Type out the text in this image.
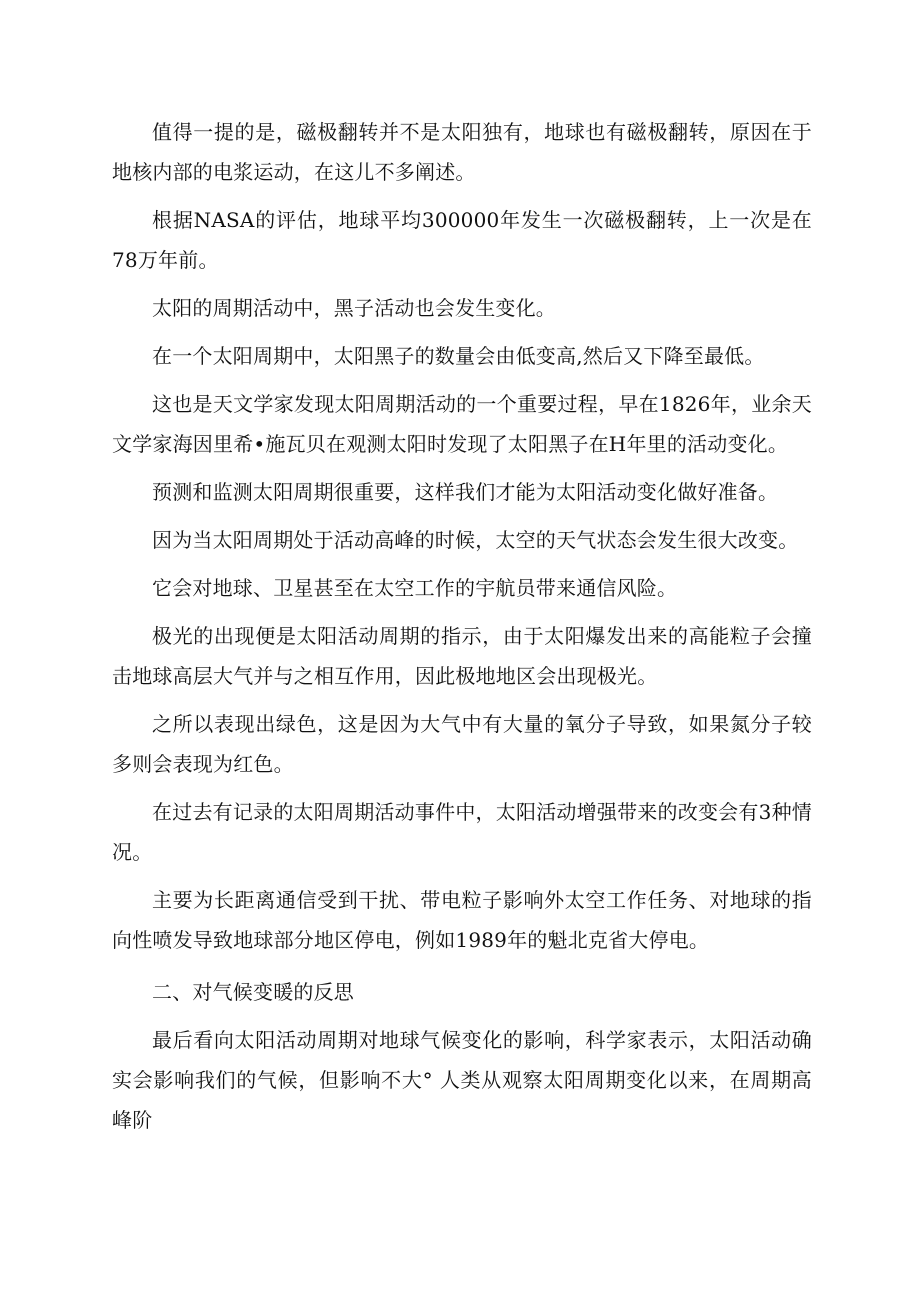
值得一提的是，磁极翻转并不是太阳独有，地球也有磁极翻转，原因在于地核内部的电浆运动，在这儿不多阐述。

根据NASA的评估，地球平均300000年发生一次磁极翻转，上一次是在78万年前。

太阳的周期活动中，黑子活动也会发生变化。

在一个太阳周期中，太阳黑子的数量会由低变高,然后又下降至最低。

这也是天文学家发现太阳周期活动的一个重要过程，早在1826年，业余天文学家海因里希•施瓦贝在观测太阳时发现了太阳黑子在H年里的活动变化。

预测和监测太阳周期很重要，这样我们才能为太阳活动变化做好准备。

因为当太阳周期处于活动高峰的时候，太空的天气状态会发生很大改变。

它会对地球、卫星甚至在太空工作的宇航员带来通信风险。

极光的出现便是太阳活动周期的指示，由于太阳爆发出来的高能粒子会撞击地球高层大气并与之相互作用，因此极地地区会出现极光。

之所以表现出绿色，这是因为大气中有大量的氧分子导致，如果氮分子较多则会表现为红色。

在过去有记录的太阳周期活动事件中，太阳活动增强带来的改变会有3种情况。

主要为长距离通信受到干扰、带电粒子影响外太空工作任务、对地球的指向性喷发导致地球部分地区停电，例如1989年的魁北克省大停电。

二、对气候变暖的反思

最后看向太阳活动周期对地球气候变化的影响，科学家表示，太阳活动确实会影响我们的气候，但影响不大° 人类从观察太阳周期变化以来，在周期高峰阶
